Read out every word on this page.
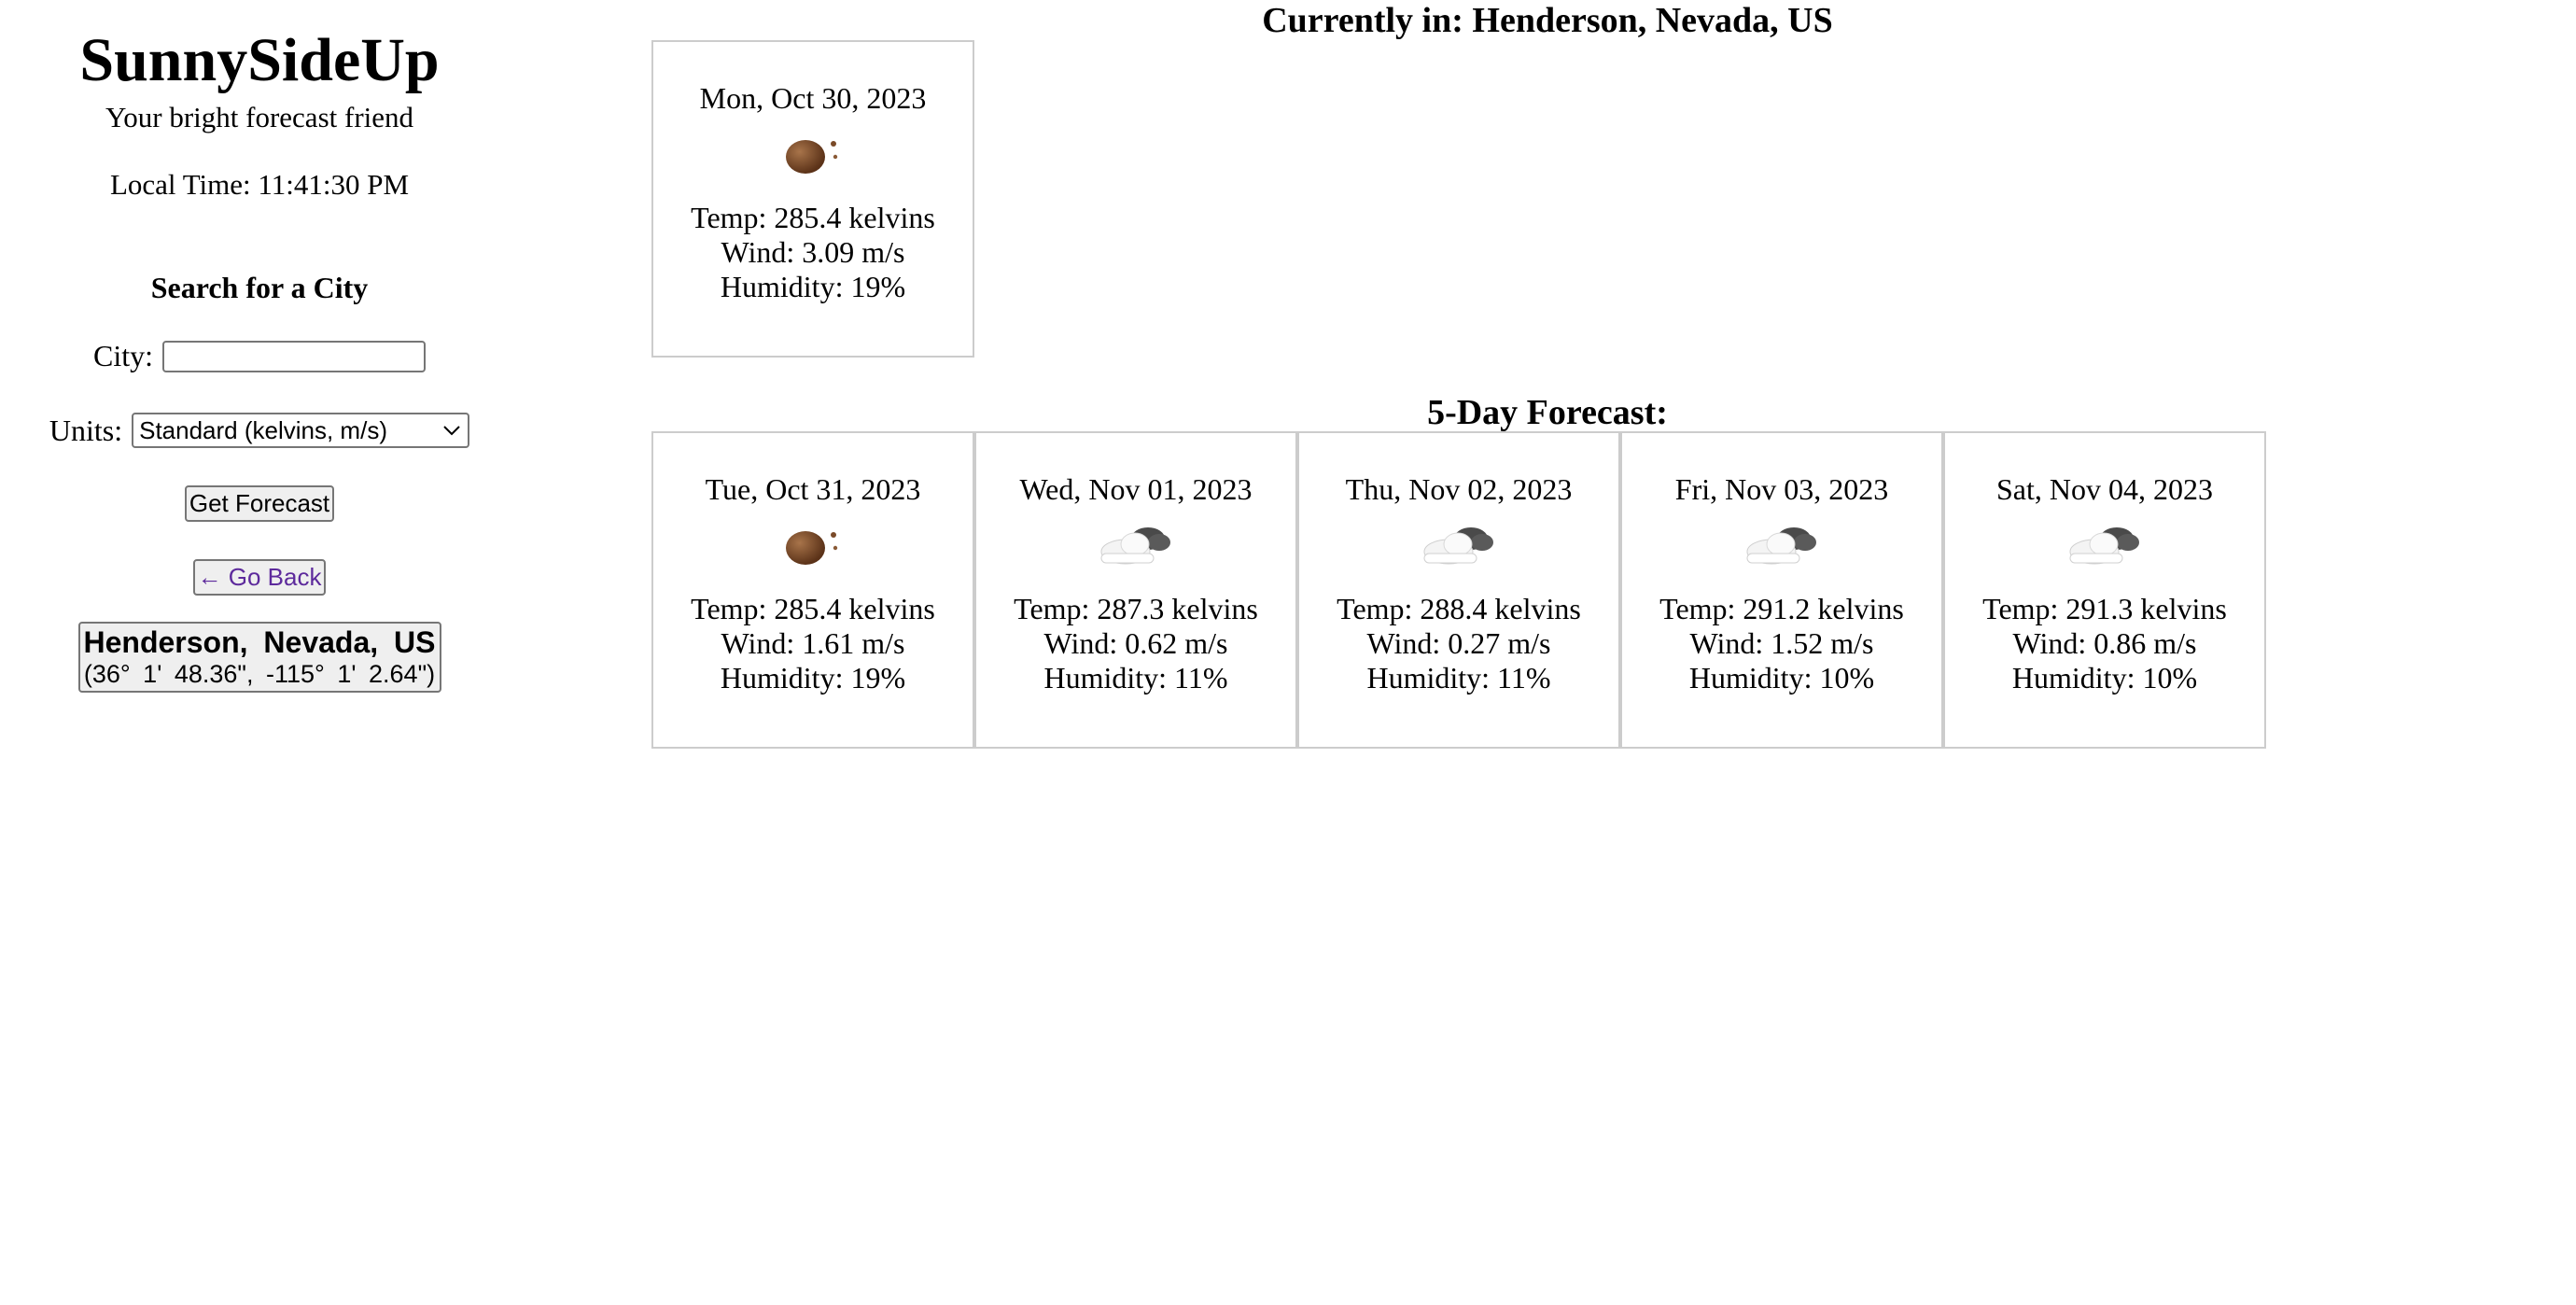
SunnySideUp
Your bright forecast friend
Local Time: 11:41:30 PM
Search for a City
City:
Units: Standard (kelvins, m/s)
Get Forecast
← Go Back
Henderson, Nevada, US
(36° 1' 48.36", -115° 1' 2.64")
Currently in: Henderson, Nevada, US
Mon, Oct 30, 2023
Temp: 285.4 kelvins
Wind: 3.09 m/s
Humidity: 19%
5-Day Forecast:
Tue, Oct 31, 2023
Temp: 285.4 kelvins
Wind: 1.61 m/s
Humidity: 19%
Wed, Nov 01, 2023
Temp: 287.3 kelvins
Wind: 0.62 m/s
Humidity: 11%
Thu, Nov 02, 2023
Temp: 288.4 kelvins
Wind: 0.27 m/s
Humidity: 11%
Fri, Nov 03, 2023
Temp: 291.2 kelvins
Wind: 1.52 m/s
Humidity: 10%
Sat, Nov 04, 2023
Temp: 291.3 kelvins
Wind: 0.86 m/s
Humidity: 10%
